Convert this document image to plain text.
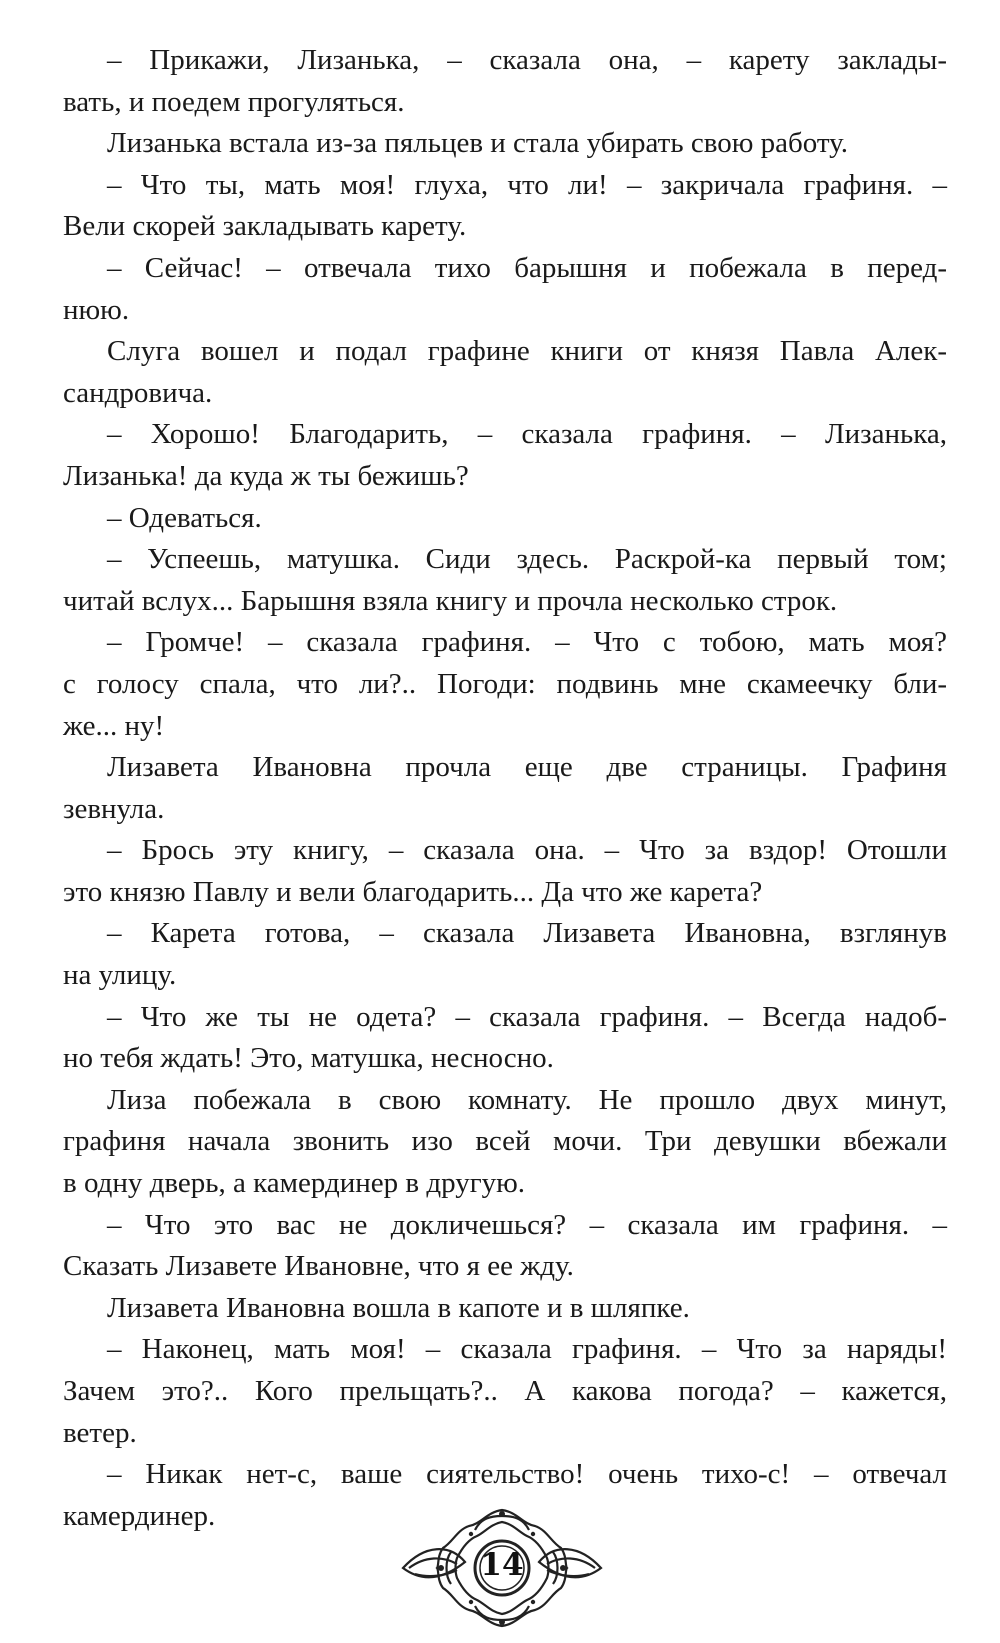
– Прикажи, Лизанька, – сказала она, – карету заклады-
вать, и поедем прогуляться.
Лизанька встала из-за пяльцев и стала убирать свою работу.
– Что ты, мать моя! глуха, что ли! – закричала графиня. –
Вели скорей закладывать карету.
– Сейчас! – отвечала тихо барышня и побежала в перед-
нюю.
Слуга вошел и подал графине книги от князя Павла Алек-
сандровича.
– Хорошо! Благодарить, – сказала графиня. – Лизанька,
Лизанька! да куда ж ты бежишь?
– Одеваться.
– Успеешь, матушка. Сиди здесь. Раскрой-ка первый том;
читай вслух... Барышня взяла книгу и прочла несколько строк.
– Громче! – сказала графиня. – Что с тобою, мать моя?
с голосу спала, что ли?.. Погоди: подвинь мне скамеечку бли-
же... ну!
Лизавета Ивановна прочла еще две страницы. Графиня
зевнула.
– Брось эту книгу, – сказала она. – Что за вздор! Отошли
это князю Павлу и вели благодарить... Да что же карета?
– Карета готова, – сказала Лизавета Ивановна, взглянув
на улицу.
– Что же ты не одета? – сказала графиня. – Всегда надоб-
но тебя ждать! Это, матушка, несносно.
Лиза побежала в свою комнату. Не прошло двух минут,
графиня начала звонить изо всей мочи. Три девушки вбежали
в одну дверь, а камердинер в другую.
– Что это вас не докличешься? – сказала им графиня. –
Сказать Лизавете Ивановне, что я ее жду.
Лизавета Ивановна вошла в капоте и в шляпке.
– Наконец, мать моя! – сказала графиня. – Что за наряды!
Зачем это?.. Кого прельщать?.. А какова погода? – кажется,
ветер.
– Никак нет-с, ваше сиятельство! очень тихо-с! – отвечал
камердинер.
14
